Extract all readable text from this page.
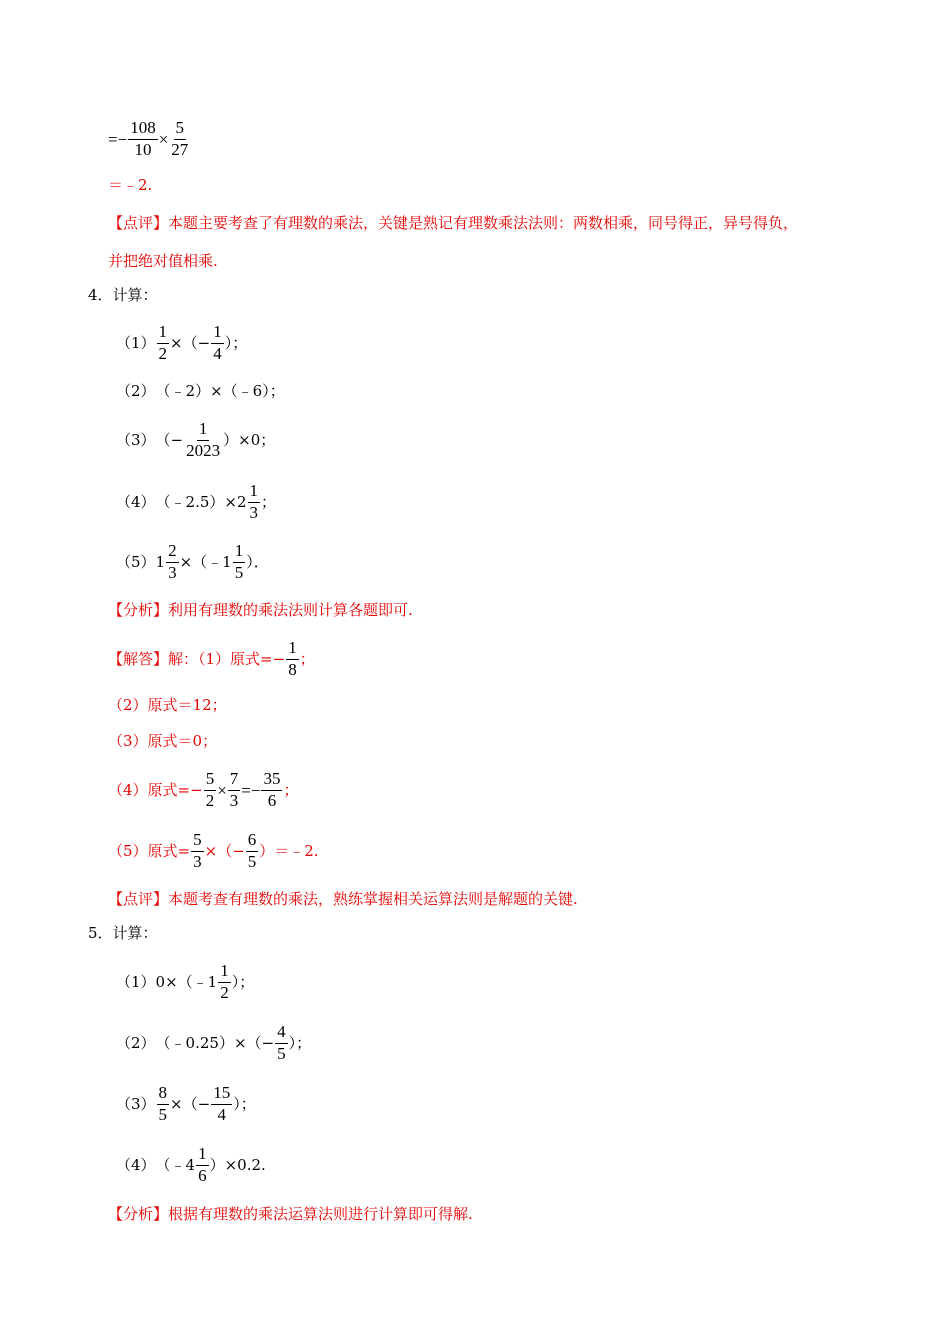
=− $\frac{108}{10} \times \frac{5}{27}$
＝﹣2.
【点评】 本题主要考查了有理数的乘法，关键是熟记有理数乘法法则：两数相乘，同号得正，异号得负，
并把绝对值相乘.
4．计算：
$(1) \frac{1}{2}$ ×（− $\frac{1}{4}$ ）；
（2） （﹣2）×（﹣6）；
（3） （− $\frac{1}{2023} )\times 0$；
（4） （﹣2.5）×2 $\frac{1}{3}$ ；
（5） $1 \frac{2}{3}$ ×（﹣1 $\frac{1}{5}$ ）．
【分析】 利用有理数的乘法法则计算各题即可.
【解答】 解：（1）原式=− $\frac{1}{8}$ ；
（2）原式＝12；
（3）原式＝0；
（4）原式=− $\frac{5}{2} \times \frac{7}{3} =- \frac{35}{6}$ ；
（5）原式= $\frac{5}{3}$ ×（− $\frac{6}{5}$ ）＝﹣2.
【点评】 本题考查有理数的乘法，熟练掌握相关运算法则是解题的关键.
5．计算：
（1） 0×（﹣1 $\frac{1}{2}$ ）；
（2） （﹣0.25）×（− $\frac{4}{5}$ ）；
$(3) \frac{8}{5}$ ×（− $\frac{15}{4}$ ）；
（4） （﹣4 $\frac{1}{6} )\times 0.2$.
【分析】 根据有理数的乘法运算法则进行计算即可得解.
